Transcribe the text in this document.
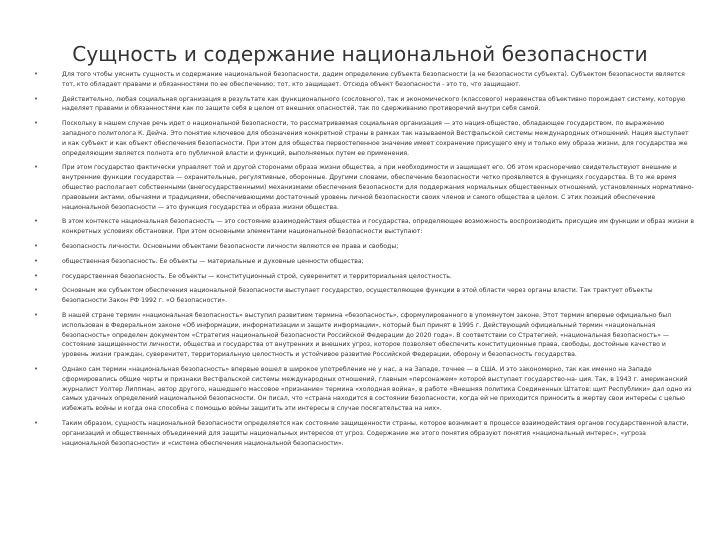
Сущность и содержание национальной безопасности
•	Для того чтобы уяснить сущность и содержание национальной безопасности, дадим определение субъекта безопасности (а не безопасности субъекта). Субъектом безопасности является тот, кто обладает правами и обязанностями по ее обеспечению; тот, кто защищает. Отсюда объект безопасности - это то, что защищают.
•	Действительно, любая социальная организация в результате как функционального (сословного), так и экономического (классового) неравенства объективно порождает систему, которую наделяет правами и обязанностями как по защите себя в целом от внешних опасностей, так по сдерживанию противоречий внутри себя самой.
•	Поскольку в нашем случае речь идет о национальной безопасности, то рассматриваемая социальная организация — это нация-общество, обладающее государством, по выражению западного политолога К. Дейча. Это понятие ключевое для обозначения конкретной страны в рамках так называемой Вестфальской системы международных отношений. Нация выступает и как субъект и как объект обеспечения безопасности. При этом для общества первостепенное значение имеет сохранение присущего ему и только ему образа жизни, для государства же определяющим является полнота его публичной власти и функций, выполняемых путем ее применения.
•	При этом государство фактически управляет той и другой сторонами образа жизни общества, а при необходимости и защищает его. Об этом красноречиво свидетельствуют внешние и внутренние функции государства — охранительные, регулятивные, оборонные. Другими словами, обеспечение безопасности четко проявляется в функциях государства. В то же время общество располагает собственными (внегосударственными) механизмами обеспечения безопасности для поддержания нормальных общественных отношений, установленных нормативно-правовыми актами, обычаями и традициями, обеспечивающими достаточный уровень личной безопасности своих членов и самого общества в целом. С этих позиций обеспечение национальной безопасности — это функция государства и образа жизни общества.
•	В этом контексте национальная безопасность — это состояние взаимодействия общества и государства, определяющее возможность воспроизводить присущие им функции и образ жизни в конкретных условиях обстановки. При этом основными элементами национальной безопасности выступают:
•	безопасность личности. Основными объектами безопасности личности являются ее права и свободы;
•	общественная безопасность. Ее объекты — материальные и духовные ценности общества;
•	государственная безопасность. Ее объекты — конституционный строй, суверенитет и территориальная целостность.
•	Основным же субъектом обеспечения национальной безопасности выступает государство, осуществляющее функции в этой области через органы власти. Так трактует объекты безопасности Закон РФ 1992 г. «О безопасности».
•	В нашей стране термин «национальная безопасность» выступил развитием термина «безопасность», сформулированного в упомянутом законе. Этот термин впервые официально был использован в Федеральном законе «Об информации, информатизации и защите информации», который был принят в 1995 г. Действующий официальный термин «национальная безопасность» определен документом «Стратегия национальной безопасности Российской Федерации до 2020 года». В соответствии со Стратегией, «национальная безопасность» — состояние защищенности личности, общества и государства от внутренних и внешних угроз, которое позволяет обеспечить конституционные права, свободы, достойные качество и уровень жизни граждан, суверенитет, территориальную целостность и устойчивое развитие Российской Федерации, оборону и безопасность государства.
•	Однако сам термин «национальная безопасность» впервые вошел в широкое употребление не у нас, а на Западе, точнее — в США. И это закономерно, так как именно на Западе сформировались общие черты и признаки Вестфальской системы международных отношений, главным «персонажем» которой выступает государство-на- ция. Так, в 1943 г. американский журналист Уолтер Липпман, автор другого, нашедшего массовое «признание» термина «холодная война», в работе «Внешняя политика Соединенных Штатов: щит Республики» дал одно из самых удачных определений национальной безопасности. Он писал, что «страна находится в состоянии безопасности, когда ей не приходится приносить в жертву свои интересы с целью избежать войны и когда она способна с помощью войны защитить эти интересы в случае посягательства на них».
•	Таким образом, сущность национальной безопасности определяется как состояние защищенности страны, которое возникает в процессе взаимодействия органов государственной власти, организаций и общественных объединений для защиты национальных интересов от угроз. Содержание же этого понятия образуют понятия «национальный интерес», «угроза национальной безопасности» и «система обеспечения национальной безопасности».
